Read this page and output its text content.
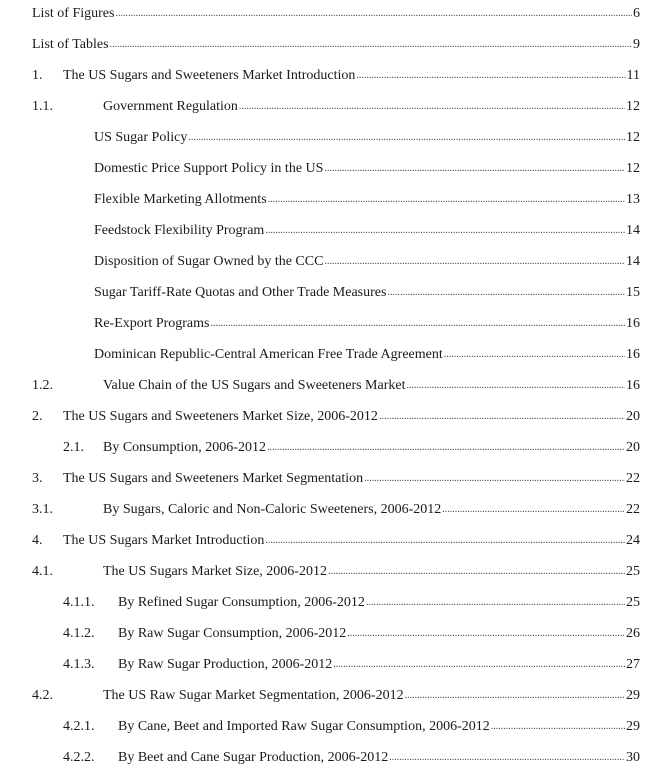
List of Figures .....	6
List of Tables .....	9
1. The US Sugars and Sweeteners Market Introduction .....	11
1.1.	Government Regulation .....	12
US Sugar Policy .....	12
Domestic Price Support Policy in the US .....	12
Flexible Marketing Allotments .....	13
Feedstock Flexibility Program .....	14
Disposition of Sugar Owned by the CCC .....	14
Sugar Tariff-Rate Quotas and Other Trade Measures .....	15
Re-Export Programs .....	16
Dominican Republic-Central American Free Trade Agreement .....	16
1.2.	Value Chain of the US Sugars and Sweeteners Market .....	16
2. The US Sugars and Sweeteners Market Size, 2006-2012 .....	20
2.1. By Consumption, 2006-2012 .....	20
3. The US Sugars and Sweeteners Market Segmentation .....	22
3.1.	By Sugars, Caloric and Non-Caloric Sweeteners, 2006-2012 .....	22
4. The US Sugars Market Introduction .....	24
4.1.	The US Sugars Market Size, 2006-2012 .....	25
4.1.1. By Refined Sugar Consumption, 2006-2012 .....	25
4.1.2. By Raw Sugar Consumption, 2006-2012 .....	26
4.1.3. By Raw Sugar Production, 2006-2012 .....	27
4.2.	The US Raw Sugar Market Segmentation, 2006-2012 .....	29
4.2.1. By Cane, Beet and Imported Raw Sugar Consumption, 2006-2012 .....	29
4.2.2. By Beet and Cane Sugar Production, 2006-2012 .....	30
